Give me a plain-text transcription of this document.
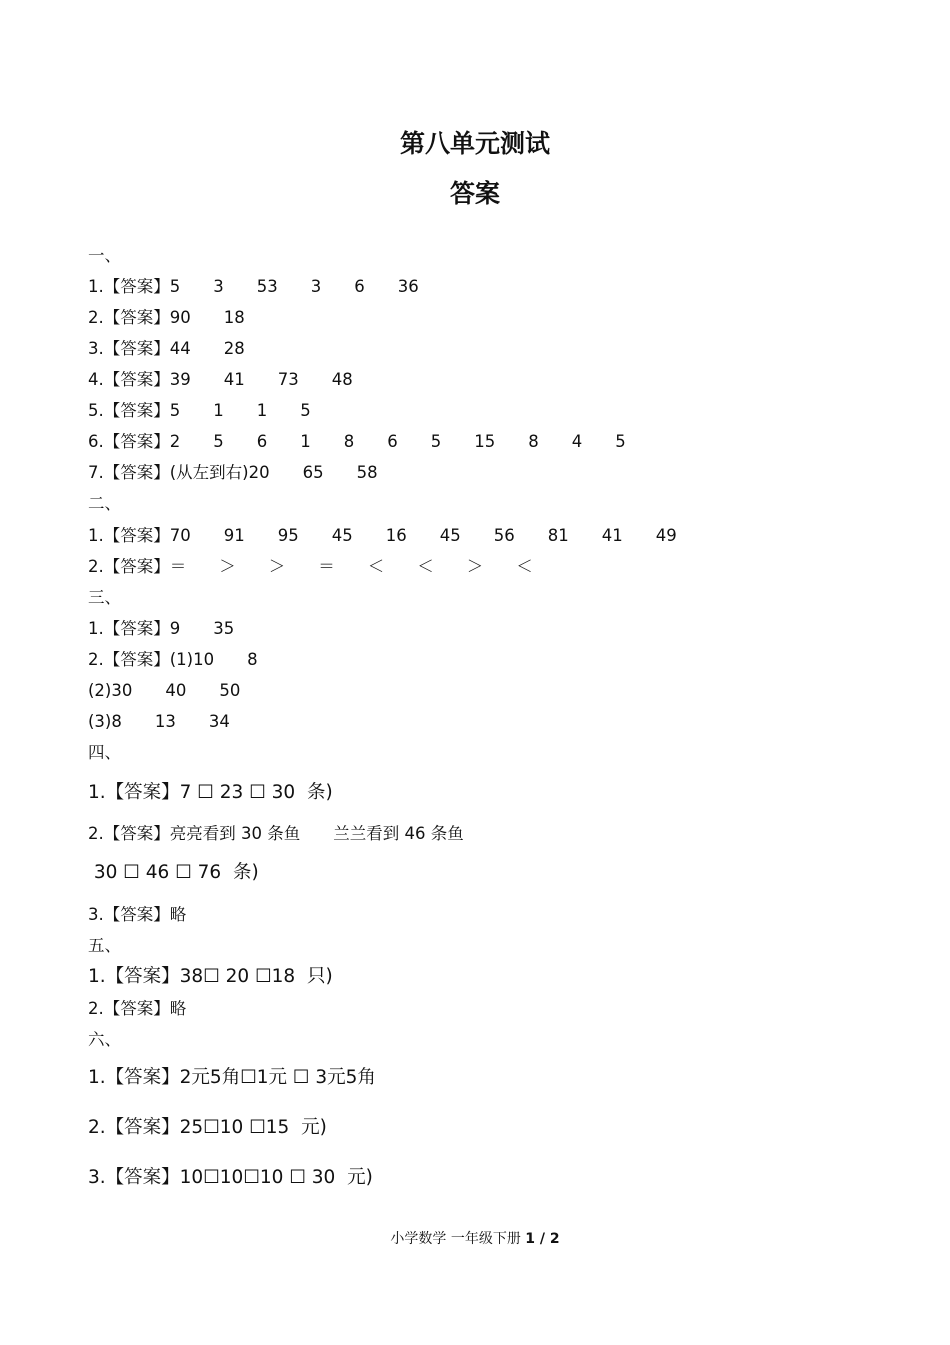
第八单元测试
答案
一、
1.【答案】5　　3　　53　　3　　6　　36
2.【答案】90　　18
3.【答案】44　　28
4.【答案】39　　41　　73　　48
5.【答案】5　　1　　1　　5
6.【答案】2　　5　　6　　1　　8　　6　　5　　15　　8　　4　　5
7.【答案】(从左到右)20　　65　　58
二、
1.【答案】70　　91　　95　　45　　16　　45　　56　　81　　41　　49
2.【答案】＝　　＞　　＞　　＝　　＜　　＜　　＞　　＜
三、
1.【答案】9　　35
2.【答案】(1)10　　8
(2)30　　40　　50
(3)8　　13　　34
四、
1.【答案】7 ☐ 23 ☐ 30  条)
2.【答案】亮亮看到 30 条鱼　　兰兰看到 46 条鱼
30 ☐ 46 ☐ 76  条)
3.【答案】略
五、
1.【答案】38☐ 20 ☐18  只)
2.【答案】略
六、
1.【答案】2元5角☐1元 ☐ 3元5角
2.【答案】25☐10 ☐15  元)
3.【答案】10☐10☐10 ☐ 30  元)
小学数学 一年级下册 1 / 2
